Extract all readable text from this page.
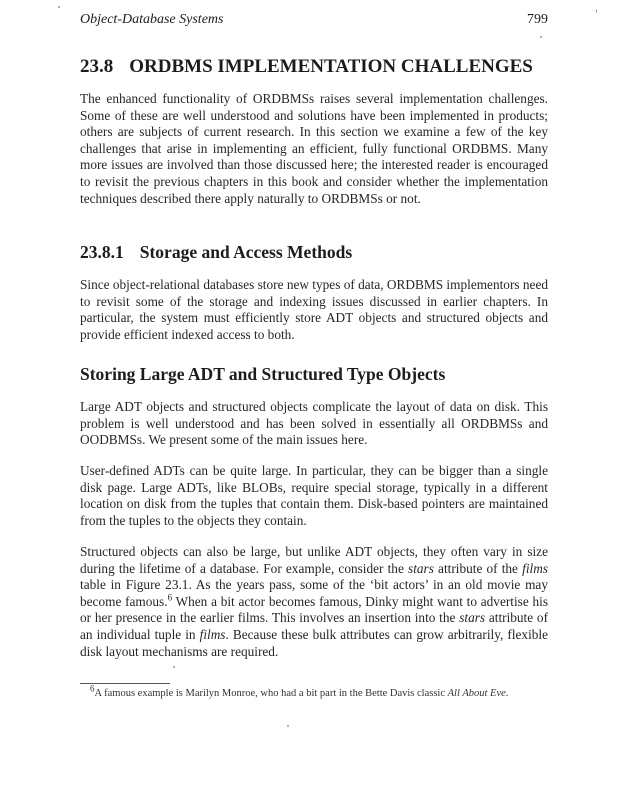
Object-Database Systems	799
23.8 ORDBMS IMPLEMENTATION CHALLENGES

The enhanced functionality of ORDBMSs raises several implementation challenges. Some of these are well understood and solutions have been implemented in products; others are subjects of current research. In this section we examine a few of the key challenges that arise in implementing an efficient, fully functional ORDBMS. Many more issues are involved than those discussed here; the interested reader is encouraged to revisit the previous chapters in this book and consider whether the implementation techniques described there apply naturally to ORDBMSs or not.

23.8.1 Storage and Access Methods

Since object-relational databases store new types of data, ORDBMS implementors need to revisit some of the storage and indexing issues discussed in earlier chapters. In particular, the system must efficiently store ADT objects and structured objects and provide efficient indexed access to both.

Storing Large ADT and Structured Type Objects

Large ADT objects and structured objects complicate the layout of data on disk. This problem is well understood and has been solved in essentially all ORDBMSs and OODBMSs. We present some of the main issues here.

User-defined ADTs can be quite large. In particular, they can be bigger than a single disk page. Large ADTs, like BLOBs, require special storage, typically in a different location on disk from the tuples that contain them. Disk-based pointers are maintained from the tuples to the objects they contain.

Structured objects can also be large, but unlike ADT objects, they often vary in size during the lifetime of a database. For example, consider the stars attribute of the films table in Figure 23.1. As the years pass, some of the ‘bit actors’ in an old movie may become famous.$^6$ When a bit actor becomes famous, Dinky might want to advertise his or her presence in the earlier films. This involves an insertion into the stars attribute of an individual tuple in films. Because these bulk attributes can grow arbitrarily, flexible disk layout mechanisms are required.

$^6$A famous example is Marilyn Monroe, who had a bit part in the Bette Davis classic All About Eve.
